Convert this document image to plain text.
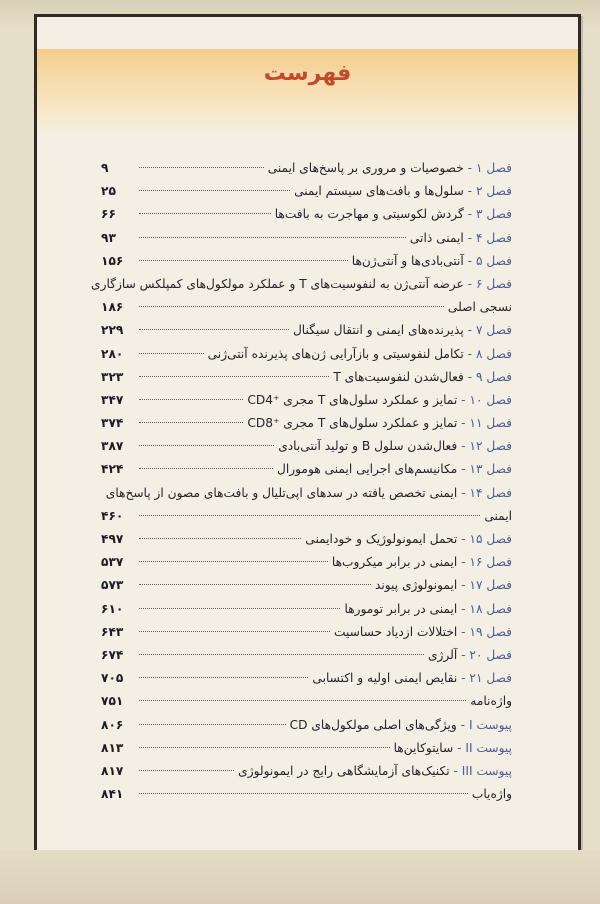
فهرست
فصل ۱ - خصوصیات و مروری بر پاسخ‌های ایمنی
۹
فصل ۲ - سلول‌ها و بافت‌های سیستم ایمنی
۲۵
فصل ۳ - گردش لکوسیتی و مهاجرت به بافت‌ها
۶۶
فصل ۴ - ایمنی ذاتی
۹۳
فصل ۵ - آنتی‌بادی‌ها و آنتی‌ژن‌ها
۱۵۶
فصل ۶ - عرضه آنتی‌ژن به لنفوسیت‌های T و عملکرد مولکول‌های کمپلکس سازگاری
نسجی اصلی
۱۸۶
فصل ۷ - پذیرنده‌های ایمنی و انتقال سیگنال
۲۲۹
فصل ۸ - تکامل لنفوسیتی و بازآرایی ژن‌های پذیرنده آنتی‌ژنی
۲۸۰
فصل ۹ - فعال‌شدن لنفوسیت‌های T
۳۲۳
فصل ۱۰ - تمایز و عملکرد سلول‌های T مجری ⁺CD4
۳۴۷
فصل ۱۱ - تمایز و عملکرد سلول‌های T مجری ⁺CD8
۳۷۴
فصل ۱۲ - فعال‌شدن سلول B و تولید آنتی‌بادی
۳۸۷
فصل ۱۳ - مکانیسم‌های اجرایی ایمنی هومورال
۴۲۴
فصل ۱۴ - ایمنی تخصص یافته در سدهای اپی‌تلیال و بافت‌های مصون از پاسخ‌های
ایمنی
۴۶۰
فصل ۱۵ - تحمل ایمونولوژیک و خودایمنی
۴۹۷
فصل ۱۶ - ایمنی در برابر میکروب‌ها
۵۳۷
فصل ۱۷ - ایمونولوژی پیوند
۵۷۳
فصل ۱۸ - ایمنی در برابر تومورها
۶۱۰
فصل ۱۹ - اختلالات ازدیاد حساسیت
۶۴۳
فصل ۲۰ - آلرژی
۶۷۴
فصل ۲۱ - نقایص ایمنی اولیه و اکتسابی
۷۰۵
واژه‌نامه
۷۵۱
پیوست I - ویژگی‌های اصلی مولکول‌های CD
۸۰۶
پیوست II - سایتوکاین‌ها
۸۱۳
پیوست III - تکنیک‌های آزمایشگاهی رایج در ایمونولوژی
۸۱۷
واژه‌یاب
۸۴۱
